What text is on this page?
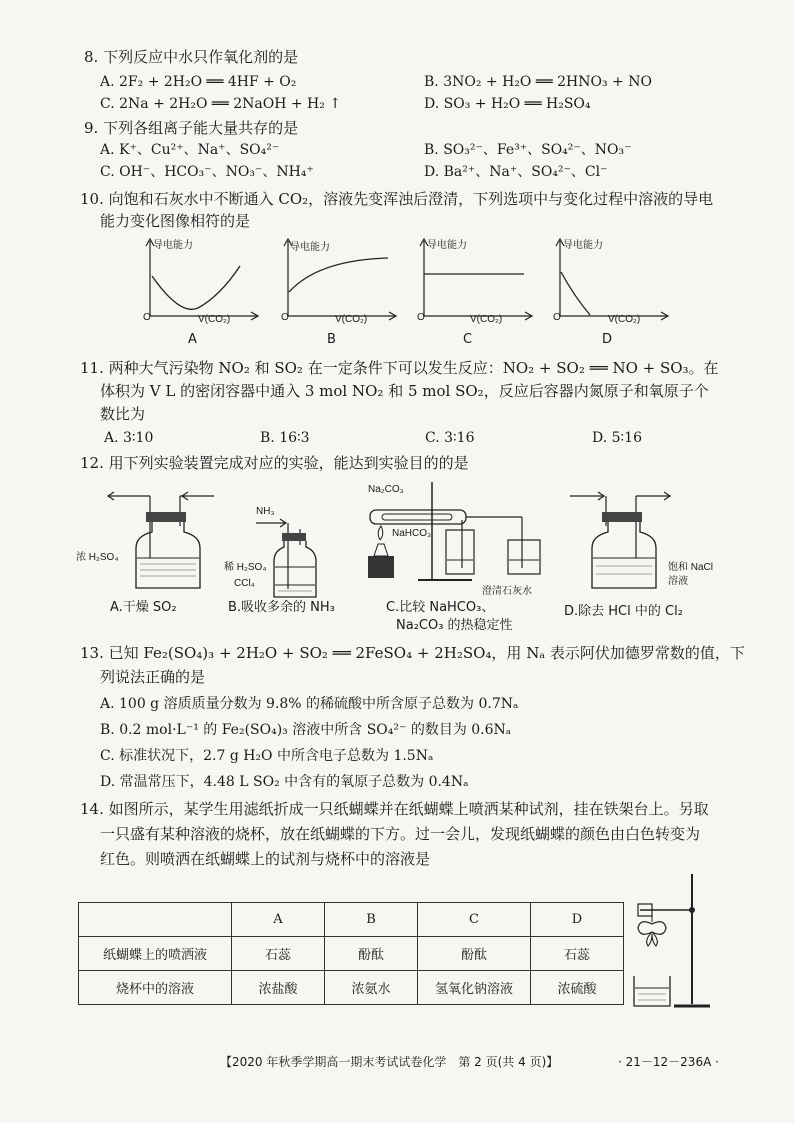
8. 下列反应中水只作氧化剂的是
A. 2F₂ + 2H₂O ══ 4HF + O₂	B. 3NO₂ + H₂O ══ 2HNO₃ + NO
C. 2Na + 2H₂O ══ 2NaOH + H₂ ↑	D. SO₃ + H₂O ══ H₂SO₄
9. 下列各组离子能大量共存的是
A. K⁺、Cu²⁺、Na⁺、SO₄²⁻	B. SO₃²⁻、Fe³⁺、SO₄²⁻、NO₃⁻
C. OH⁻、HCO₃⁻、NO₃⁻、NH₄⁺	D. Ba²⁺、Na⁺、SO₄²⁻、Cl⁻
10. 向饱和石灰水中不断通入 CO₂，溶液先变浑浊后澄清，下列选项中与变化过程中溶液的导电
能力变化图像相符的是
导电能力
O	V(CO₂)
A
导电能力
O	V(CO₂)
B
导电能力
O	V(CO₂)
C
导电能力
O	V(CO₂)
D
11. 两种大气污染物 NO₂ 和 SO₂ 在一定条件下可以发生反应：NO₂ + SO₂ ══ NO + SO₃。在
体积为 V L 的密闭容器中通入 3 mol NO₂ 和 5 mol SO₂，反应后容器内氮原子和氧原子个
数比为
A. 3∶10	B. 16∶3	C. 3∶16	D. 5∶16
12. 用下列实验装置完成对应的实验，能达到实验目的的是
浓 H₂SO₄
A.干燥 SO₂
NH₃
稀 H₂SO₄
CCl₄
B.吸收多余的 NH₃
Na₂CO₃
NaHCO₃
澄清石灰水
C.比较 NaHCO₃、
Na₂CO₃ 的热稳定性
饱和 NaCl
溶液
D.除去 HCl 中的 Cl₂
13. 已知 Fe₂(SO₄)₃ + 2H₂O + SO₂ ══ 2FeSO₄ + 2H₂SO₄，用 Nₐ 表示阿伏加德罗常数的值，下
列说法正确的是
A. 100 g 溶质质量分数为 9.8% 的稀硫酸中所含原子总数为 0.7Nₐ
B. 0.2 mol·L⁻¹ 的 Fe₂(SO₄)₃ 溶液中所含 SO₄²⁻ 的数目为 0.6Nₐ
C. 标准状况下，2.7 g H₂O 中所含电子总数为 1.5Nₐ
D. 常温常压下，4.48 L SO₂ 中含有的氧原子总数为 0.4Nₐ
14. 如图所示，某学生用滤纸折成一只纸蝴蝶并在纸蝴蝶上喷洒某种试剂，挂在铁架台上。另取
一只盛有某种溶液的烧杯，放在纸蝴蝶的下方。过一会儿，发现纸蝴蝶的颜色由白色转变为
红色。则喷洒在纸蝴蝶上的试剂与烧杯中的溶液是
	A	B	C	D
纸蝴蝶上的喷洒液	石蕊	酚酞	酚酞	石蕊
烧杯中的溶液	浓盐酸	浓氨水	氢氧化钠溶液	浓硫酸
【2020 年秋季学期高一期末考试试卷化学　第 2 页(共 4 页)】	· 21－12－236A ·
